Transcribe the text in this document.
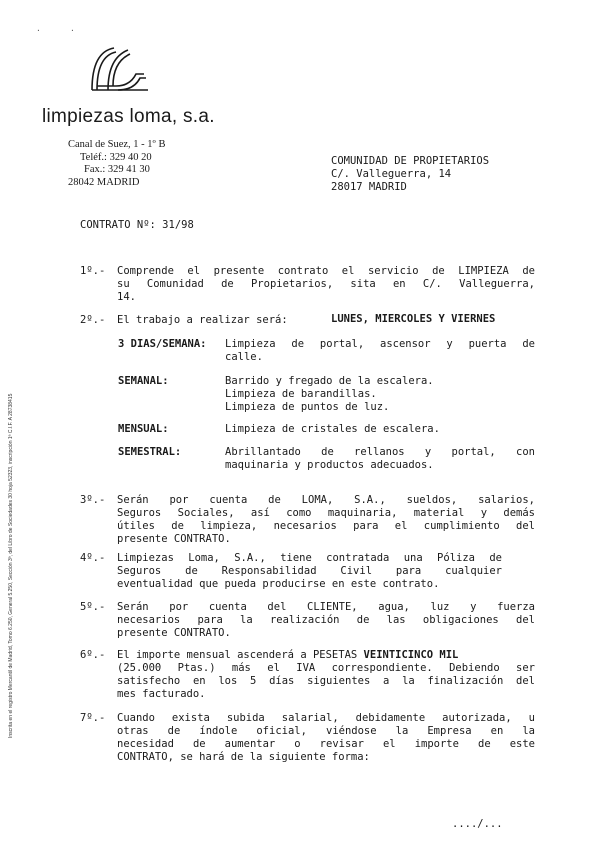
·	·
limpiezas loma, s.a.
Canal de Suez, 1 - 1º B
Teléf.: 329 40 20
Fax.: 329 41 30
28042 MADRID
COMUNIDAD DE PROPIETARIOS
C/. Valleguerra, 14
28017 MADRID
CONTRATO Nº: 31/98
1º.- Comprende el presente contrato el servicio de LIMPIEZA de
su Comunidad de Propietarios, sita en C/. Valleguerra,
14.
2º.- El trabajo a realizar será:	LUNES, MIERCOLES Y VIERNES
3 DIAS/SEMANA: Limpieza de portal, ascensor y puerta de
calle.
SEMANAL:	Barrido y fregado de la escalera.
Limpieza de barandillas.
Limpieza de puntos de luz.
MENSUAL:	Limpieza de cristales de escalera.
SEMESTRAL:	Abrillantado de rellanos y portal, con
maquinaria y productos adecuados.
3º.- Serán por cuenta de LOMA, S.A., sueldos, salarios,
Seguros Sociales, así como maquinaria, material y demás
útiles de limpieza, necesarios para el cumplimiento del
presente CONTRATO.
4º.- Limpiezas Loma, S.A., tiene contratada una Póliza de
Seguros de Responsabilidad Civil para cualquier
eventualidad que pueda producirse en este contrato.
5º.- Serán por cuenta del CLIENTE, agua, luz y fuerza
necesarios para la realización de las obligaciones del
presente CONTRATO.
6º.- El importe mensual ascenderá a PESETAS VEINTICINCO MIL
(25.000 Ptas.) más el IVA correspondiente. Debiendo ser
satisfecho en los 5 días siguientes a la finalización del
mes facturado.
7º.- Cuando exista subida salarial, debidamente autorizada, u
otras de índole oficial, viéndose la Empresa en la
necesidad de aumentar o revisar el importe de este
CONTRATO, se hará de la siguiente forma:
Inscrita en el registro Mercantil de Madrid, Tomo 6.250, General 5.250, Sección 3ª, del Libro de Sociedades 30 hoja 52323, inscripción 1ª C.I.F. A 28738415
..../...
